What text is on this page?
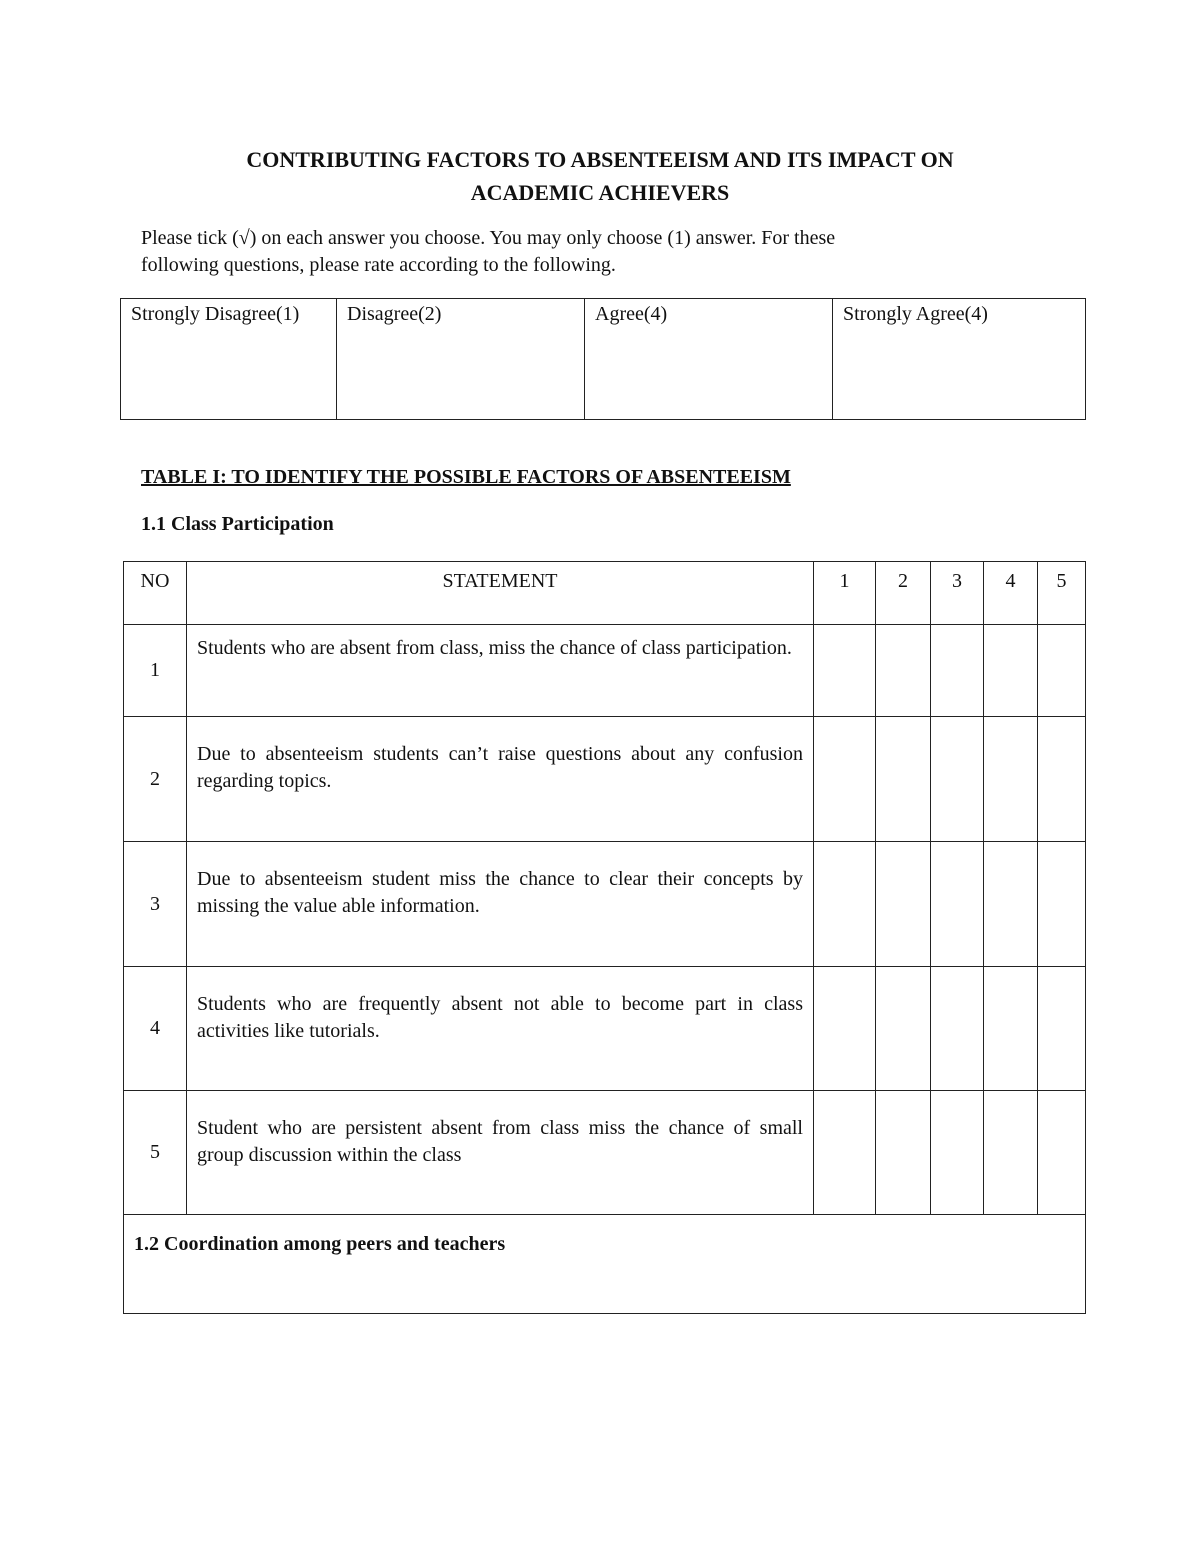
CONTRIBUTING FACTORS TO ABSENTEEISM AND ITS IMPACT ON
ACADEMIC ACHIEVERS
Please tick (√) on each answer you choose. You may only choose (1) answer. For these
following questions, please rate according to the following.
Strongly Disagree(1)	Disagree(2)	Agree(4)	Strongly Agree(4)
TABLE I: TO IDENTIFY THE POSSIBLE FACTORS OF ABSENTEEISM
1.1 Class Participation
NO	STATEMENT	1	2	3	4	5
1	Students who are absent from class, miss the chance of class participation.					
2	Due to absenteeism students can’t raise questions about any confusion regarding topics.					
3	Due to absenteeism student miss the chance to clear their concepts by missing the value able information.					
4	Students who are frequently absent not able to become part in class activities like tutorials.					
5	Student who are persistent absent from class miss the chance of small group discussion within the class					
1.2 Coordination among peers and teachers						
